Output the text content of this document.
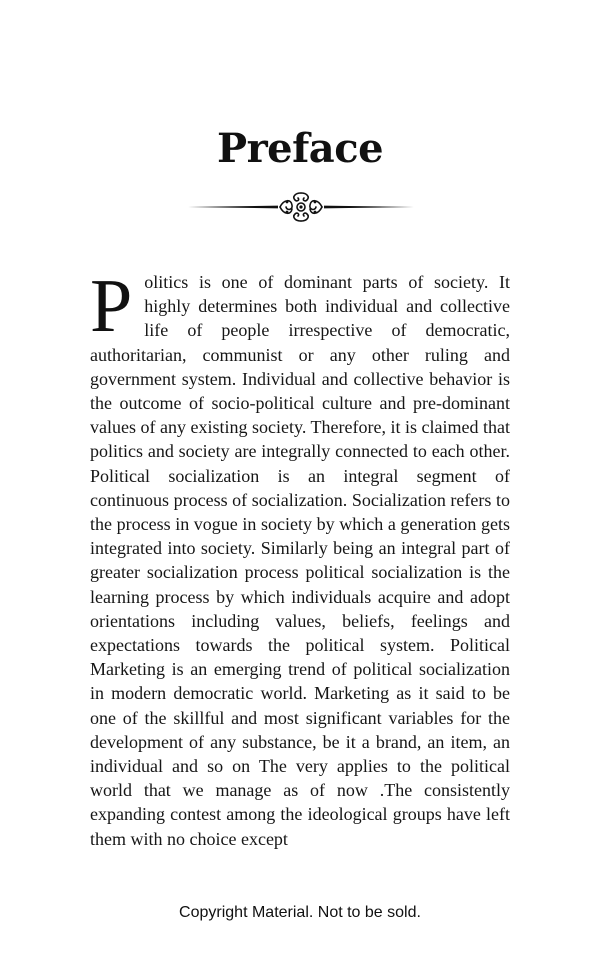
Preface

Politics is one of dominant parts of society. It highly determines both individual and collective life of people irrespective of democratic, authoritarian, communist or any other ruling and government system. Individual and collective behavior is the outcome of socio-political culture and pre-dominant values of any existing society. Therefore, it is claimed that politics and society are integrally connected to each other. Political socialization is an integral segment of continuous process of socialization. Socialization refers to the process in vogue in society by which a generation gets integrated into society. Similarly being an integral part of greater socialization process political socialization is the learning process by which individuals acquire and adopt orientations including values, beliefs, feelings and expectations towards the political system. Political Marketing is an emerging trend of political socialization in modern democratic world. Marketing as it said to be one of the skillful and most significant variables for the development of any substance, be it a brand, an item, an individual and so on The very applies to the political world that we manage as of now .The consistently expanding contest among the ideological groups have left them with no choice except

Copyright Material. Not to be sold.
